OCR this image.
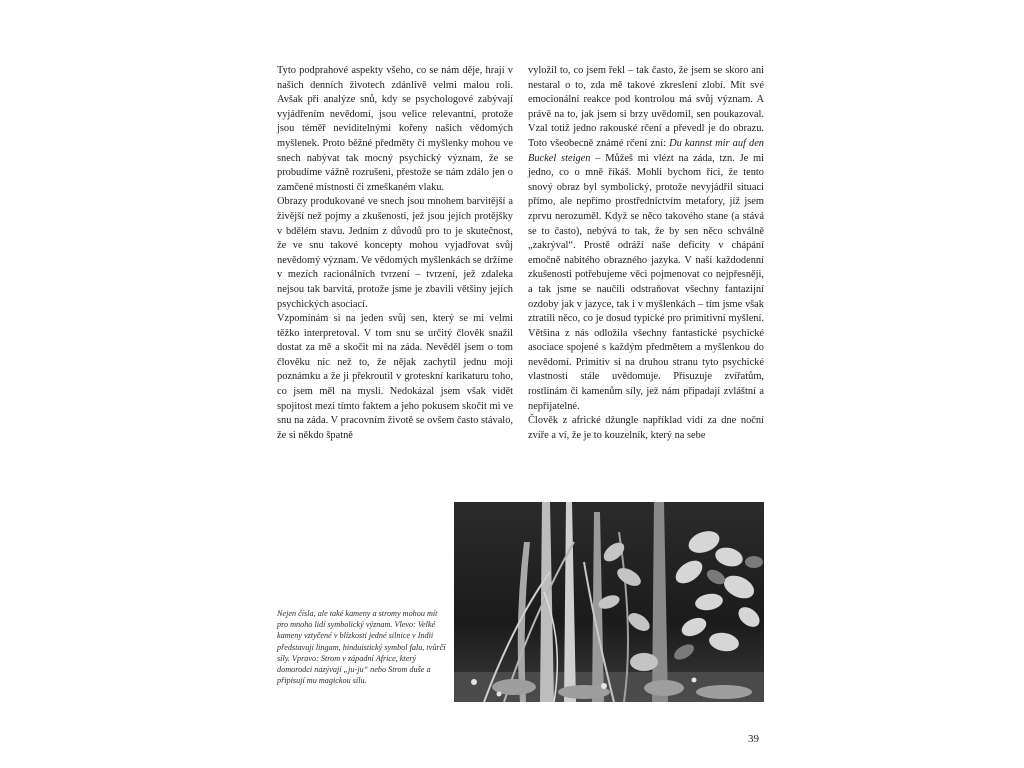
Tyto podprahové aspekty všeho, co se nám děje, hrají v našich denních životech zdánlivě velmi malou roli. Avšak při analýze snů, kdy se psychologové zabývají vyjádřením nevědomí, jsou velice relevantní, protože jsou téměř neviditelnými kořeny našich vědomých myšlenek. Proto běžné předměty či myšlenky mohou ve snech nabývat tak mocný psychický význam, že se probudíme vážně rozrušeni, přestože se nám zdálo jen o zamčené místnosti či zmeškaném vlaku.

Obrazy produkované ve snech jsou mnohem barvitější a živější než pojmy a zkušenosti, jež jsou jejich protějšky v bdělém stavu. Jedním z důvodů pro to je skutečnost, že ve snu takové koncepty mohou vyjadřovat svůj nevědomý význam. Ve vědomých myšlenkách se držíme v mezích racionálních tvrzení – tvrzení, jež zdaleka nejsou tak barvitá, protože jsme je zbavili většiny jejich psychických asociací.

Vzpomínám si na jeden svůj sen, který se mi velmi těžko interpretoval. V tom snu se určitý člověk snažil dostat za mě a skočit mi na záda. Nevěděl jsem o tom člověku nic než to, že nějak zachytil jednu moji poznámku a že ji překroutil v groteskní karikaturu toho, co jsem měl na mysli. Nedokázal jsem však vidět spojitost mezi tímto faktem a jeho pokusem skočit mi ve snu na záda. V pracovním životě se ovšem často stávalo, že si někdo špatně

vyložil to, co jsem řekl – tak často, že jsem se skoro ani nestaral o to, zda mě takové zkreslení zlobí. Mít své emocionální reakce pod kontrolou má svůj význam. A právě na to, jak jsem si brzy uvědomil, sen poukazoval. Vzal totiž jedno rakouské rčení a převedl je do obrazu. Toto všeobecně známé rčení zní: Du kannst mir auf den Buckel steigen – Můžeš mi vlézt na záda, tzn. Je mi jedno, co o mně říkáš. Mohli bychom říci, že tento snový obraz byl symbolický, protože nevyjádřil situaci přímo, ale nepřímo prostřednictvím metafory, jíž jsem zprvu nerozuměl. Když se něco takového stane (a stává se to často), nebývá to tak, že by sen něco schválně „zakrýval“. Prostě odráží naše deficity v chápání emočně nabitého obrazného jazyka. V naší každodenní zkušenosti potřebujeme věci pojmenovat co nejpřesněji, a tak jsme se naučili odstraňovat všechny fantazijní ozdoby jak v jazyce, tak i v myšlenkách – tím jsme však ztratili něco, co je dosud typické pro primitivní myšlení. Většina z nás odložila všechny fantastické psychické asociace spojené s každým předmětem a myšlenkou do nevědomí. Primitiv si na druhou stranu tyto psychické vlastnosti stále uvědomuje. Přisuzuje zvířatům, rostlinám či kamenům síly, jež nám připadají zvláštní a nepřijatelné.

Člověk z africké džungle například vidí za dne noční zvíře a ví, že je to kouzelník, který na sebe

Nejen čísla, ale také kameny a stromy mohou mít pro mnoho lidí symbolický význam. Vlevo: Velké kameny vztyčené v blízkosti jedné silnice v Indii představují lingam, hinduistický symbol falu, tvůrčí síly. Vpravo: Strom v západní Africe, který domorodci nazývají „ju-ju“ nebo Strom duše a připisují mu magickou sílu.
39
